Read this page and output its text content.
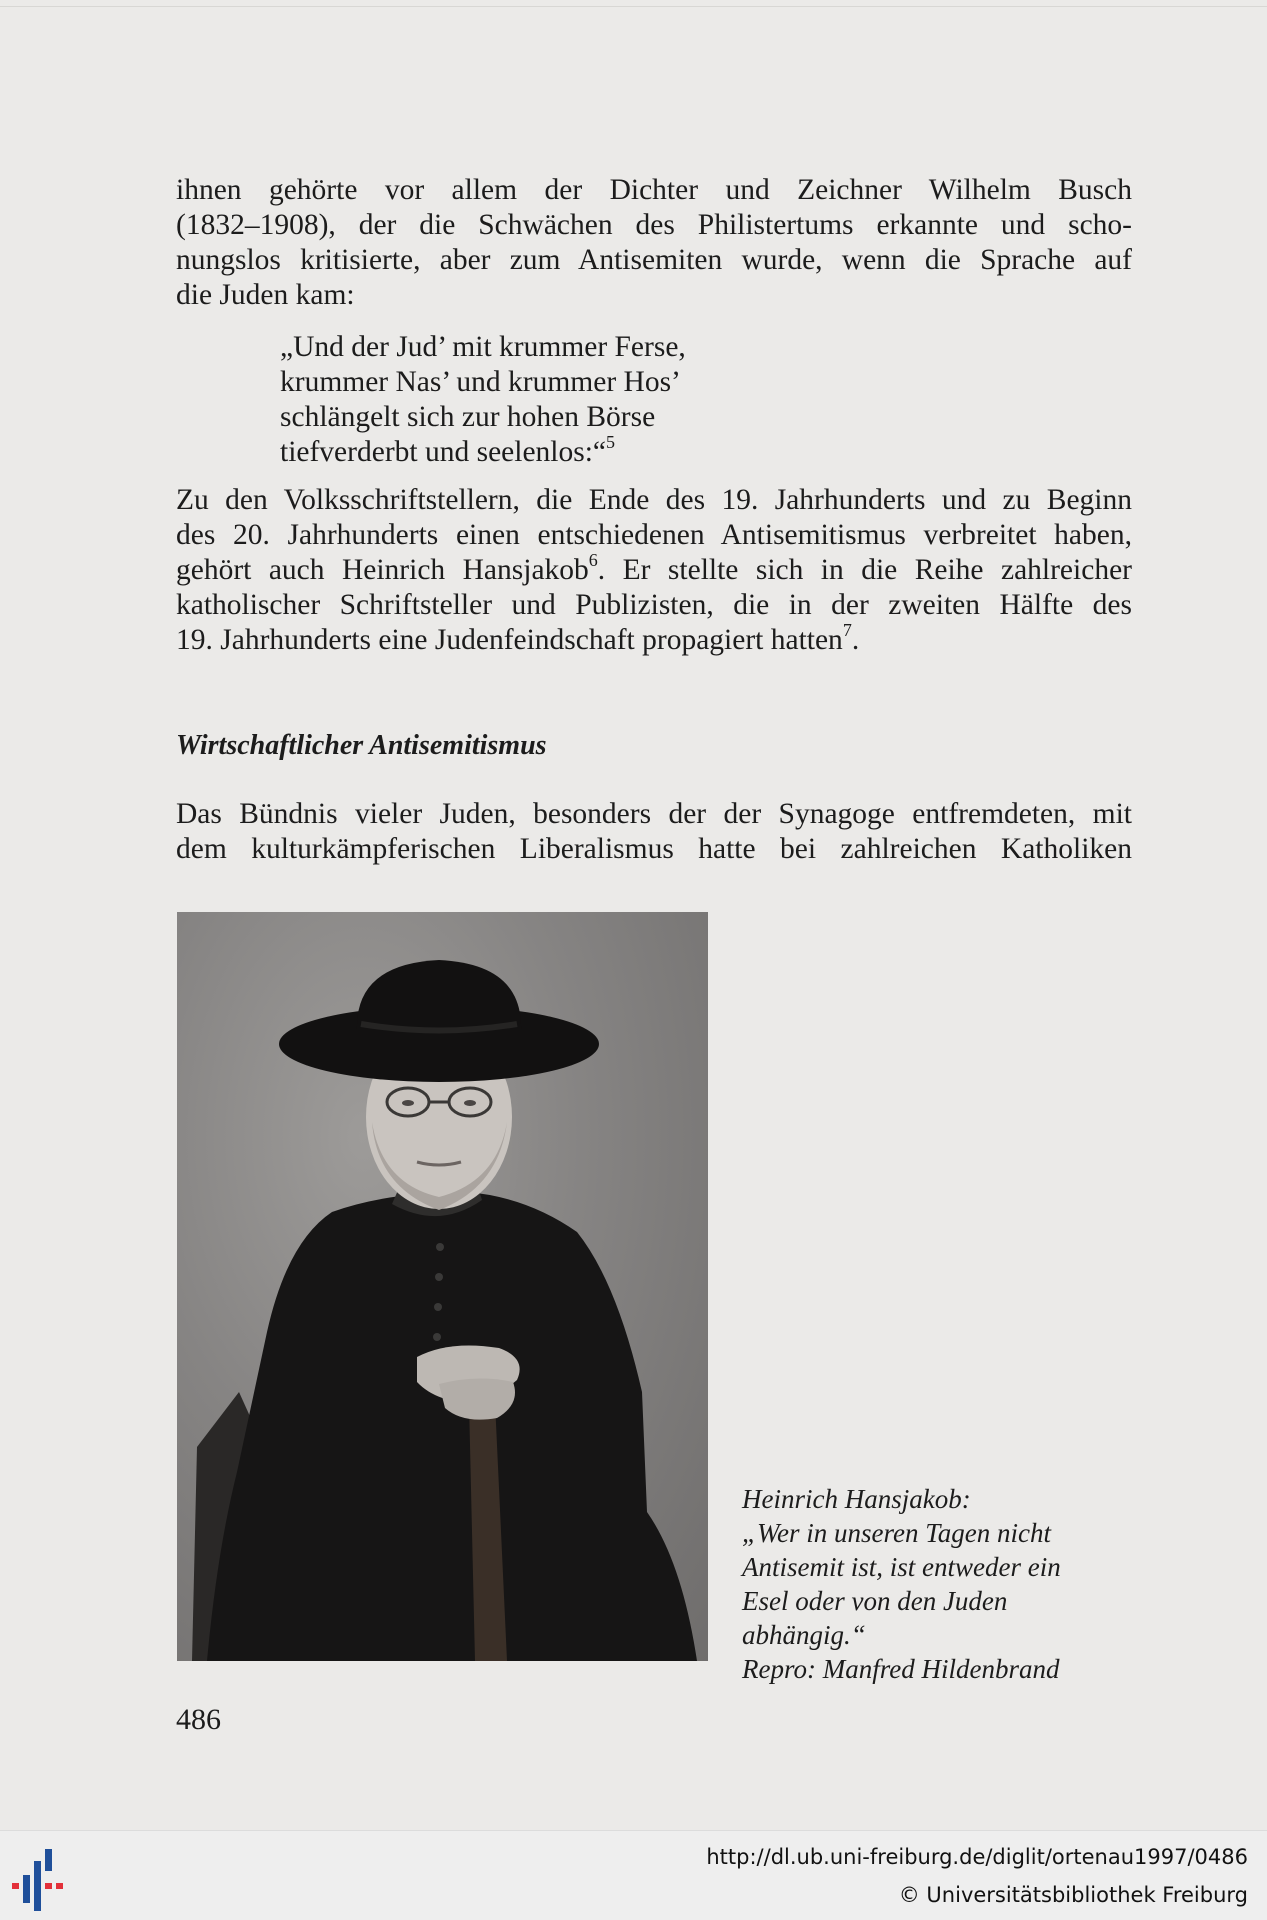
ihnen gehörte vor allem der Dichter und Zeichner Wilhelm Busch
(1832–1908), der die Schwächen des Philistertums erkannte und scho-
nungslos kritisierte, aber zum Antisemiten wurde, wenn die Sprache auf
die Juden kam:

„Und der Jud’ mit krummer Ferse,
krummer Nas’ und krummer Hos’
schlängelt sich zur hohen Börse
tiefverderbt und seelenlos:“$^5$

Zu den Volksschriftstellern, die Ende des 19. Jahrhunderts und zu Beginn
des 20. Jahrhunderts einen entschiedenen Antisemitismus verbreitet haben,
gehört auch Heinrich Hansjakob$^6$. Er stellte sich in die Reihe zahlreicher
katholischer Schriftsteller und Publizisten, die in der zweiten Hälfte des
19. Jahrhunderts eine Judenfeindschaft propagiert hatten$^7$.

Wirtschaftlicher Antisemitismus

Das Bündnis vieler Juden, besonders der der Synagoge entfremdeten, mit
dem kulturkämpferischen Liberalismus hatte bei zahlreichen Katholiken

Heinrich Hansjakob:
„Wer in unseren Tagen nicht
Antisemit ist, ist entweder ein
Esel oder von den Juden
abhängig.“
Repro: Manfred Hildenbrand

486

http://dl.ub.uni-freiburg.de/diglit/ortenau1997/0486
© Universitätsbibliothek Freiburg
